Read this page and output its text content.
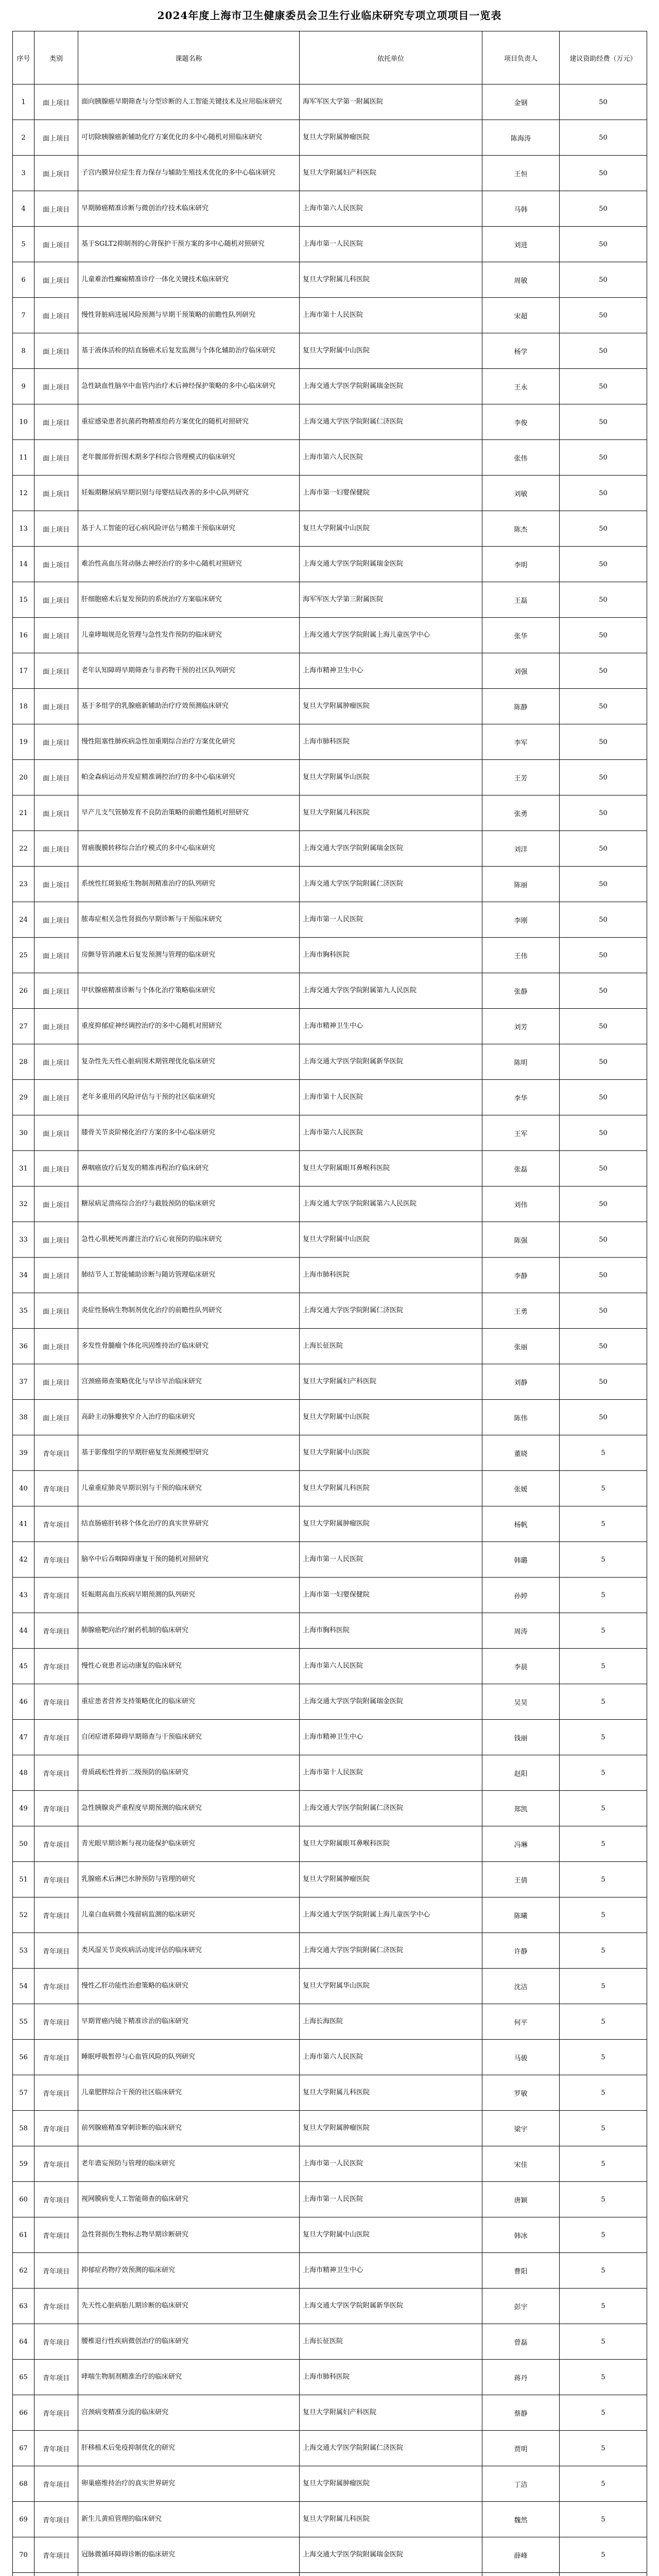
2024年度上海市卫生健康委员会卫生行业临床研究专项立项项目一览表
序号	类别	课题名称	依托单位	项目负责人	建议资助经费（万元）
1	面上项目	面向胰腺癌早期筛查与分型诊断的人工智能关键技术及应用临床研究	海军军医大学第一附属医院	金钢	50
2	面上项目	可切除胰腺癌新辅助化疗方案优化的多中心随机对照临床研究	复旦大学附属肿瘤医院	陈海涛	50
3	面上项目	子宫内膜异位症生育力保存与辅助生殖技术优化的多中心临床研究	复旦大学附属妇产科医院	王恒	50
4	面上项目	早期肺癌精准诊断与微创治疗技术临床研究	上海市第六人民医院	马韩	50
5	面上项目	基于SGLT2抑制剂的心肾保护干预方案的多中心随机对照研究	上海市第一人民医院	刘进	50
6	面上项目	儿童难治性癫痫精准诊疗一体化关键技术临床研究	复旦大学附属儿科医院	周敏	50
7	面上项目	慢性肾脏病进展风险预测与早期干预策略的前瞻性队列研究	上海市第十人民医院	宋超	50
8	面上项目	基于液体活检的结直肠癌术后复发监测与个体化辅助治疗临床研究	复旦大学附属中山医院	杨学	50
9	面上项目	急性缺血性脑卒中血管内治疗术后神经保护策略的多中心临床研究	上海交通大学医学院附属瑞金医院	王永	50
10	面上项目	重症感染患者抗菌药物精准给药方案优化的随机对照研究	上海交通大学医学院附属仁济医院	李俊	50
11	面上项目	老年髋部骨折围术期多学科综合管理模式的临床研究	上海市第六人民医院	张伟	50
12	面上项目	妊娠期糖尿病早期识别与母婴结局改善的多中心队列研究	上海市第一妇婴保健院	刘敏	50
13	面上项目	基于人工智能的冠心病风险评估与精准干预临床研究	复旦大学附属中山医院	陈杰	50
14	面上项目	难治性高血压肾动脉去神经治疗的多中心随机对照研究	上海交通大学医学院附属瑞金医院	李明	50
15	面上项目	肝细胞癌术后复发预防的系统治疗方案临床研究	海军军医大学第三附属医院	王磊	50
16	面上项目	儿童哮喘规范化管理与急性发作预防的临床研究	上海交通大学医学院附属上海儿童医学中心	张华	50
17	面上项目	老年认知障碍早期筛查与非药物干预的社区队列研究	上海市精神卫生中心	刘强	50
18	面上项目	基于多组学的乳腺癌新辅助治疗疗效预测临床研究	复旦大学附属肿瘤医院	陈静	50
19	面上项目	慢性阻塞性肺疾病急性加重期综合治疗方案优化研究	上海市肺科医院	李军	50
20	面上项目	帕金森病运动并发症精准调控治疗的多中心临床研究	复旦大学附属华山医院	王芳	50
21	面上项目	早产儿支气管肺发育不良防治策略的前瞻性随机对照研究	复旦大学附属儿科医院	张勇	50
22	面上项目	胃癌腹膜转移综合治疗模式的多中心临床研究	上海交通大学医学院附属瑞金医院	刘洋	50
23	面上项目	系统性红斑狼疮生物制剂精准治疗的队列研究	上海交通大学医学院附属仁济医院	陈丽	50
24	面上项目	脓毒症相关急性肾损伤早期诊断与干预临床研究	上海市第一人民医院	李刚	50
25	面上项目	房颤导管消融术后复发预测与管理的临床研究	上海市胸科医院	王伟	50
26	面上项目	甲状腺癌精准诊断与个体化治疗策略临床研究	上海交通大学医学院附属第九人民医院	张静	50
27	面上项目	重度抑郁症神经调控治疗的多中心随机对照研究	上海市精神卫生中心	刘芳	50
28	面上项目	复杂性先天性心脏病围术期管理优化临床研究	上海交通大学医学院附属新华医院	陈明	50
29	面上项目	老年多重用药风险评估与干预的社区临床研究	上海市第十人民医院	李华	50
30	面上项目	膝骨关节炎阶梯化治疗方案的多中心临床研究	上海市第六人民医院	王军	50
31	面上项目	鼻咽癌放疗后复发的精准再程治疗临床研究	复旦大学附属眼耳鼻喉科医院	张磊	50
32	面上项目	糖尿病足溃疡综合治疗与截肢预防的临床研究	上海交通大学医学院附属第六人民医院	刘伟	50
33	面上项目	急性心肌梗死再灌注治疗后心衰预防的临床研究	复旦大学附属中山医院	陈强	50
34	面上项目	肺结节人工智能辅助诊断与随访管理临床研究	上海市肺科医院	李静	50
35	面上项目	炎症性肠病生物制剂优化治疗的前瞻性队列研究	上海交通大学医学院附属仁济医院	王勇	50
36	面上项目	多发性骨髓瘤个体化巩固维持治疗临床研究	上海长征医院	张丽	50
37	面上项目	宫颈癌筛查策略优化与早诊早治临床研究	复旦大学附属妇产科医院	刘静	50
38	面上项目	高龄主动脉瓣狭窄介入治疗的临床研究	复旦大学附属中山医院	陈伟	50
39	青年项目	基于影像组学的早期肝癌复发预测模型研究	复旦大学附属中山医院	董晓	5
40	青年项目	儿童重症肺炎早期识别与干预的临床研究	复旦大学附属儿科医院	张媛	5
41	青年项目	结直肠癌肝转移个体化治疗的真实世界研究	复旦大学附属肿瘤医院	杨帆	5
42	青年项目	脑卒中后吞咽障碍康复干预的随机对照研究	上海市第一人民医院	韩璐	5
43	青年项目	妊娠期高血压疾病早期预测的队列研究	上海市第一妇婴保健院	孙婷	5
44	青年项目	肺腺癌靶向治疗耐药机制的临床研究	上海市胸科医院	周涛	5
45	青年项目	慢性心衰患者运动康复的临床研究	上海市第六人民医院	李晨	5
46	青年项目	重症患者营养支持策略优化的临床研究	上海交通大学医学院附属瑞金医院	吴昊	5
47	青年项目	自闭症谱系障碍早期筛查与干预临床研究	上海市精神卫生中心	钱丽	5
48	青年项目	骨质疏松性骨折二级预防的临床研究	上海市第十人民医院	赵阳	5
49	青年项目	急性胰腺炎严重程度早期预测的临床研究	上海交通大学医学院附属仁济医院	郑凯	5
50	青年项目	青光眼早期诊断与视功能保护临床研究	复旦大学附属眼耳鼻喉科医院	冯琳	5
51	青年项目	乳腺癌术后淋巴水肿预防与管理的研究	复旦大学附属肿瘤医院	王倩	5
52	青年项目	儿童白血病微小残留病监测的临床研究	上海交通大学医学院附属上海儿童医学中心	陈曦	5
53	青年项目	类风湿关节炎疾病活动度评估的临床研究	上海交通大学医学院附属仁济医院	许静	5
54	青年项目	慢性乙肝功能性治愈策略的临床研究	复旦大学附属华山医院	沈洁	5
55	青年项目	早期胃癌内镜下精准诊治的临床研究	上海长海医院	何平	5
56	青年项目	睡眠呼吸暂停与心血管风险的队列研究	上海市第六人民医院	马骏	5
57	青年项目	儿童肥胖综合干预的社区临床研究	复旦大学附属儿科医院	罗敏	5
58	青年项目	前列腺癌精准穿刺诊断的临床研究	复旦大学附属肿瘤医院	梁宇	5
59	青年项目	老年谵妄预防与管理的临床研究	上海市第一人民医院	宋佳	5
60	青年项目	视网膜病变人工智能筛查的临床研究	上海市第一人民医院	唐颖	5
61	青年项目	急性肾损伤生物标志物早期诊断研究	复旦大学附属中山医院	韩冰	5
62	青年项目	抑郁症药物疗效预测的临床研究	上海市精神卫生中心	曹阳	5
63	青年项目	先天性心脏病胎儿期诊断的临床研究	上海交通大学医学院附属新华医院	彭宇	5
64	青年项目	腰椎退行性疾病微创治疗的临床研究	上海长征医院	曾磊	5
65	青年项目	哮喘生物制剂精准治疗的临床研究	上海市肺科医院	蒋丹	5
66	青年项目	宫颈病变精准分流的临床研究	复旦大学附属妇产科医院	蔡静	5
67	青年项目	肝移植术后免疫抑制优化的研究	上海交通大学医学院附属仁济医院	贾明	5
68	青年项目	卵巢癌维持治疗的真实世界研究	复旦大学附属肿瘤医院	丁洁	5
69	青年项目	新生儿黄疸管理的临床研究	复旦大学附属儿科医院	魏然	5
70	青年项目	冠脉微循环障碍诊断的临床研究	上海交通大学医学院附属瑞金医院	薛峰	5
